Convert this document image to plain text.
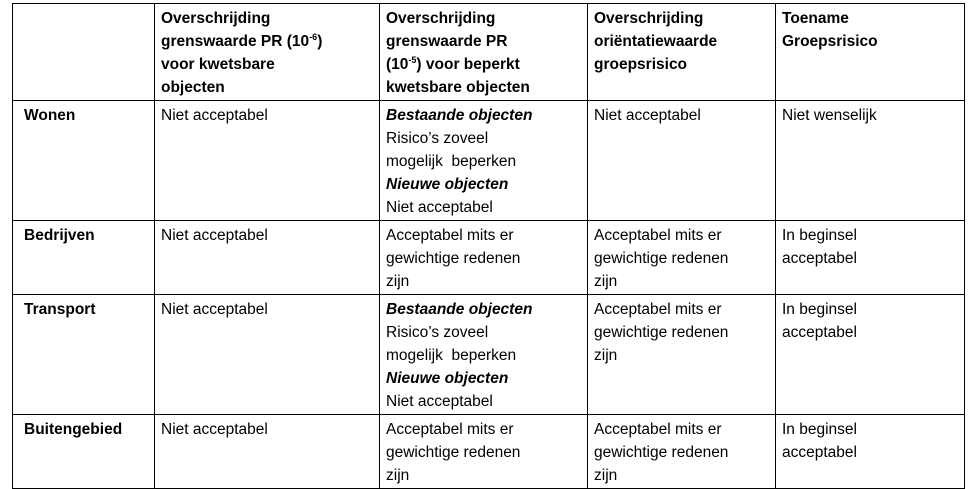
	Overschrijding
grenswaarde PR $(10^{-6})$
voor kwetsbare
objecten	Overschrijding
grenswaarde PR
$(10^{-5})$ voor beperkt
kwetsbare objecten	Overschrijding
oriëntatiewaarde
groepsrisico	Toename
Groepsrisico

Wonen	Niet acceptabel	Bestaande objecten
Risico’s zoveel
mogelijk  beperken
Nieuwe objecten
Niet acceptabel	Niet acceptabel	Niet wenselijk

Bedrijven	Niet acceptabel	Acceptabel mits er
gewichtige redenen
zijn	Acceptabel mits er
gewichtige redenen
zijn	In beginsel
acceptabel

Transport	Niet acceptabel	Bestaande objecten
Risico’s zoveel
mogelijk  beperken
Nieuwe objecten
Niet acceptabel	Acceptabel mits er
gewichtige redenen
zijn	In beginsel
acceptabel

Buitengebied	Niet acceptabel	Acceptabel mits er
gewichtige redenen
zijn	Acceptabel mits er
gewichtige redenen
zijn	In beginsel
acceptabel
